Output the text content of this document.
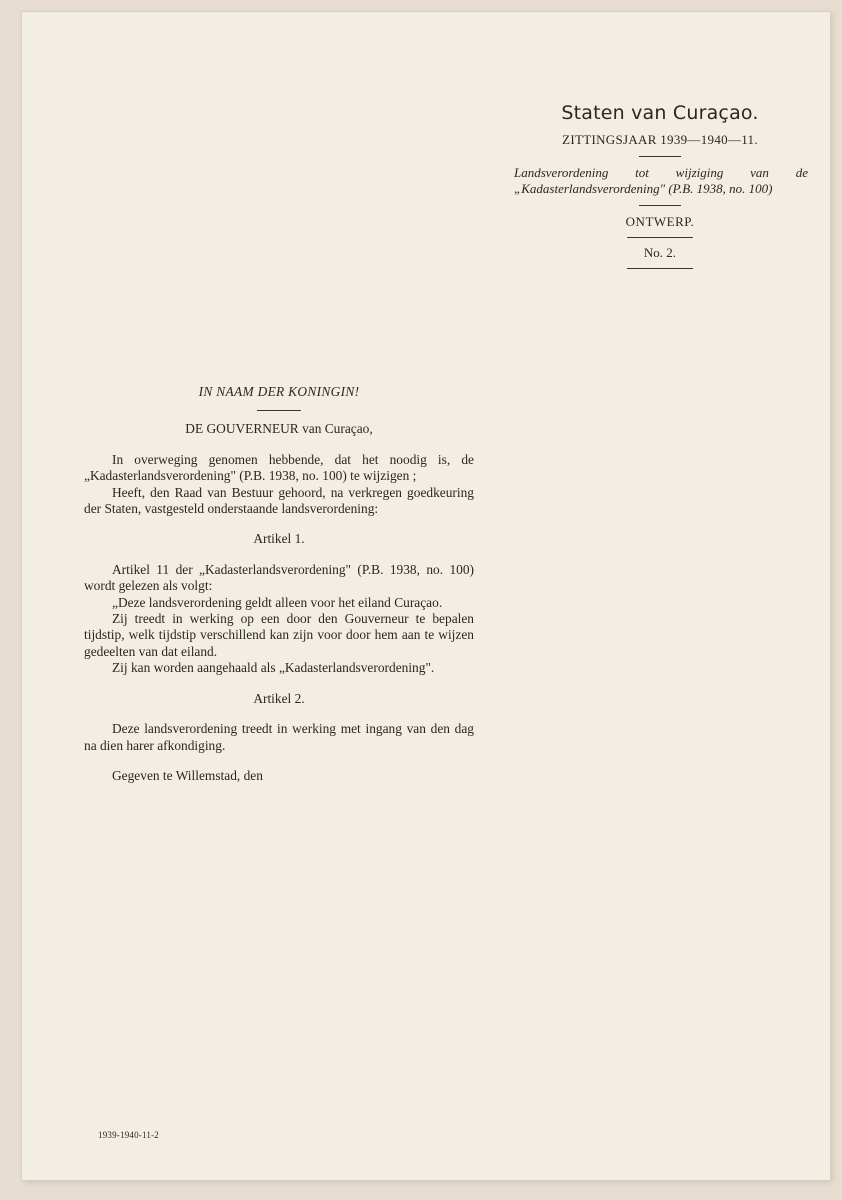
Staten van Curaçao.
ZITTINGSJAAR 1939—1940—11.
Landsverordening tot wijziging van de „Kadasterlandsverordening" (P.B. 1938, no. 100)
ONTWERP.
No. 2.
IN NAAM DER KONINGIN!
DE GOUVERNEUR van Curaçao,

In overweging genomen hebbende, dat het noodig is, de „Kadasterlandsverordening" (P.B. 1938, no. 100) te wijzigen ;

Heeft, den Raad van Bestuur gehoord, na verkregen goedkeuring der Staten, vastgesteld onderstaande landsverordening:

Artikel 1.

Artikel 11 der „Kadasterlandsverordening" (P.B. 1938, no. 100) wordt gelezen als volgt:

„Deze landsverordening geldt alleen voor het eiland Curaçao.

Zij treedt in werking op een door den Gouverneur te bepalen tijdstip, welk tijdstip verschillend kan zijn voor door hem aan te wijzen gedeelten van dat eiland.

Zij kan worden aangehaald als „Kadasterlandsverordening".

Artikel 2.

Deze landsverordening treedt in werking met ingang van den dag na dien harer afkondiging.

Gegeven te Willemstad, den

1939-1940-11-2
